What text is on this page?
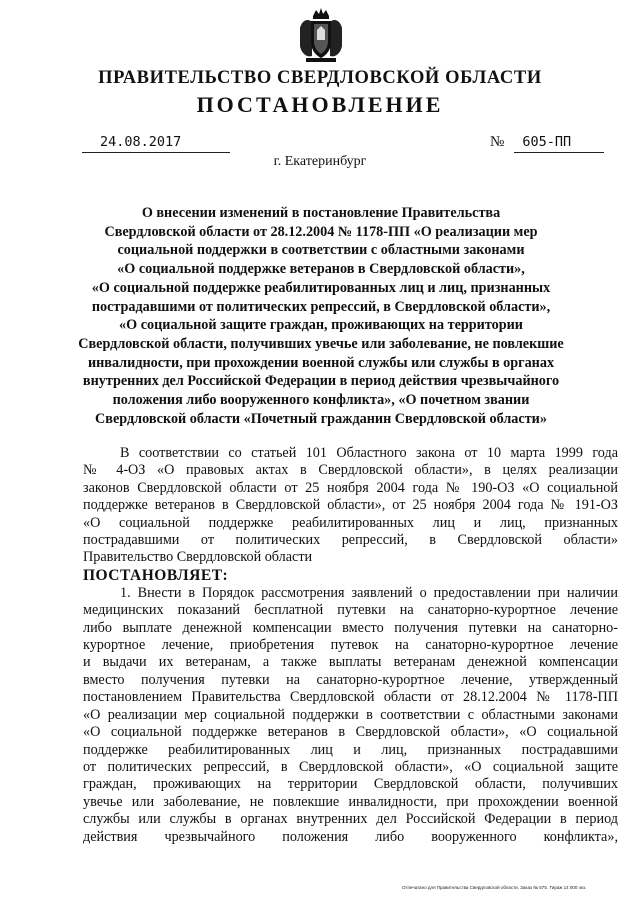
ПРАВИТЕЛЬСТВО СВЕРДЛОВСКОЙ ОБЛАСТИ
ПОСТАНОВЛЕНИЕ
24.08.2017	№	605-ПП
г. Екатеринбург
О внесении изменений в постановление Правительства
Свердловской области от 28.12.2004 № 1178-ПП «О реализации мер
социальной поддержки в соответствии с областными законами
«О социальной поддержке ветеранов в Свердловской области»,
«О социальной поддержке реабилитированных лиц и лиц, признанных
пострадавшими от политических репрессий, в Свердловской области»,
«О социальной защите граждан, проживающих на территории
Свердловской области, получивших увечье или заболевание, не повлекшие
инвалидности, при прохождении военной службы или службы в органах
внутренних дел Российской Федерации в период действия чрезвычайного
положения либо вооруженного конфликта», «О почетном звании
Свердловской области «Почетный гражданин Свердловской области»
В соответствии со статьей 101 Областного закона от 10 марта 1999 года
№ 4-ОЗ «О правовых актах в Свердловской области», в целях реализации
законов Свердловской области от 25 ноября 2004 года № 190-ОЗ «О социальной
поддержке ветеранов в Свердловской области», от 25 ноября 2004 года № 191-ОЗ
«О социальной поддержке реабилитированных лиц и лиц, признанных
пострадавшими от политических репрессий, в Свердловской области»
Правительство Свердловской области
ПОСТАНОВЛЯЕТ:
1. Внести в Порядок рассмотрения заявлений о предоставлении при наличии
медицинских показаний бесплатной путевки на санаторно-курортное лечение
либо выплате денежной компенсации вместо получения путевки на санаторно-
курортное лечение, приобретения путевок на санаторно-курортное лечение
и выдачи их ветеранам, а также выплаты ветеранам денежной компенсации
вместо получения путевки на санаторно-курортное лечение, утвержденный
постановлением Правительства Свердловской области от 28.12.2004 № 1178-ПП
«О реализации мер социальной поддержки в соответствии с областными законами
«О социальной поддержке ветеранов в Свердловской области», «О социальной
поддержке реабилитированных лиц и лиц, признанных пострадавшими
от политических репрессий, в Свердловской области», «О социальной защите
граждан, проживающих на территории Свердловской области, получивших
увечье или заболевание, не повлекшие инвалидности, при прохождении военной
службы или службы в органах внутренних дел Российской Федерации в период
действия чрезвычайного положения либо вооруженного конфликта»,
Отпечатано для Правительства Свердловской области. Заказ № 575. Тираж 14 000 экз.
